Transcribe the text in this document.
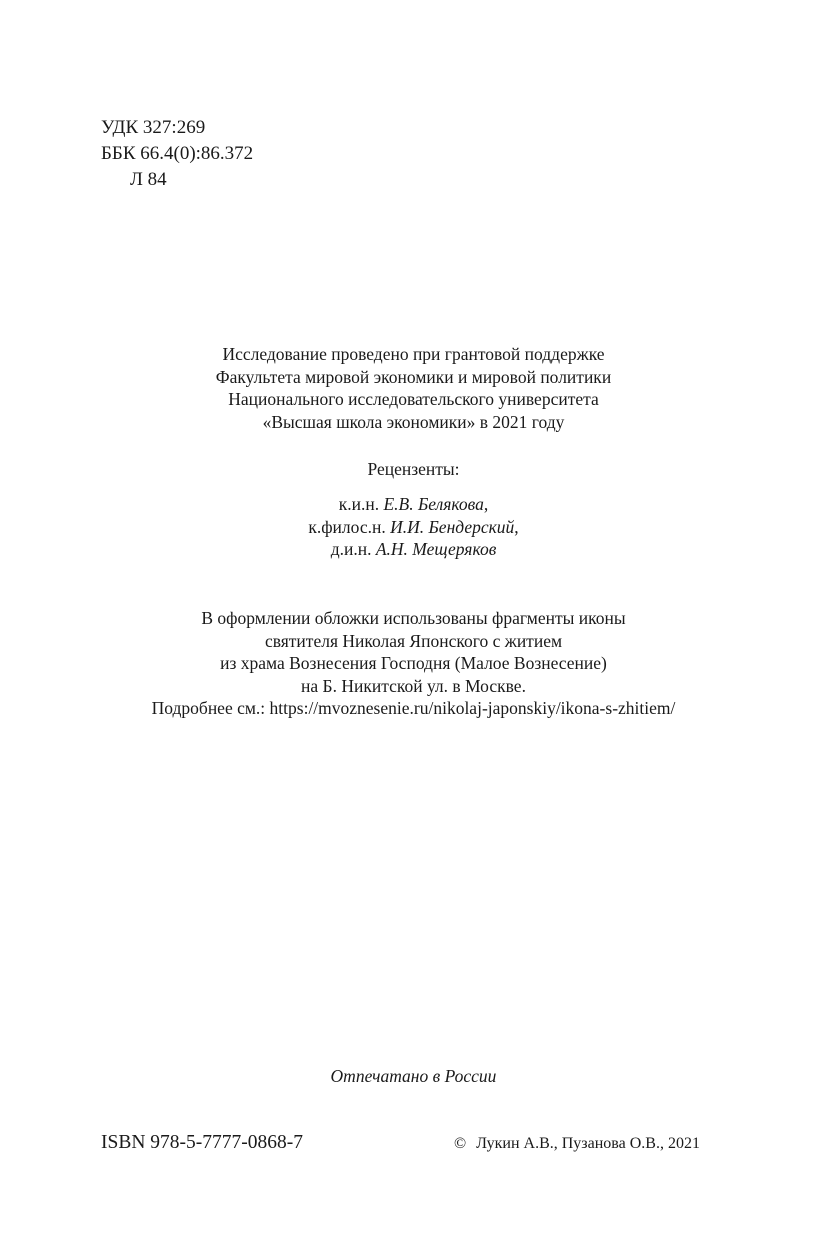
УДК 327:269
ББК 66.4(0):86.372
Л 84
Исследование проведено при грантовой поддержке
Факультета мировой экономики и мировой политики
Национального исследовательского университета
«Высшая школа экономики» в 2021 году
Рецензенты:
к.и.н. Е.В. Белякова,
к.филос.н. И.И. Бендерский,
д.и.н. А.Н. Мещеряков
В оформлении обложки использованы фрагменты иконы
святителя Николая Японского с житием
из храма Вознесения Господня (Малое Вознесение)
на Б. Никитской ул. в Москве.
Подробнее см.: https://mvoznesenie.ru/nikolaj-japonskiy/ikona-s-zhitiem/
Отпечатано в России
ISBN 978-5-7777-0868-7	© Лукин А.В., Пузанова О.В., 2021
